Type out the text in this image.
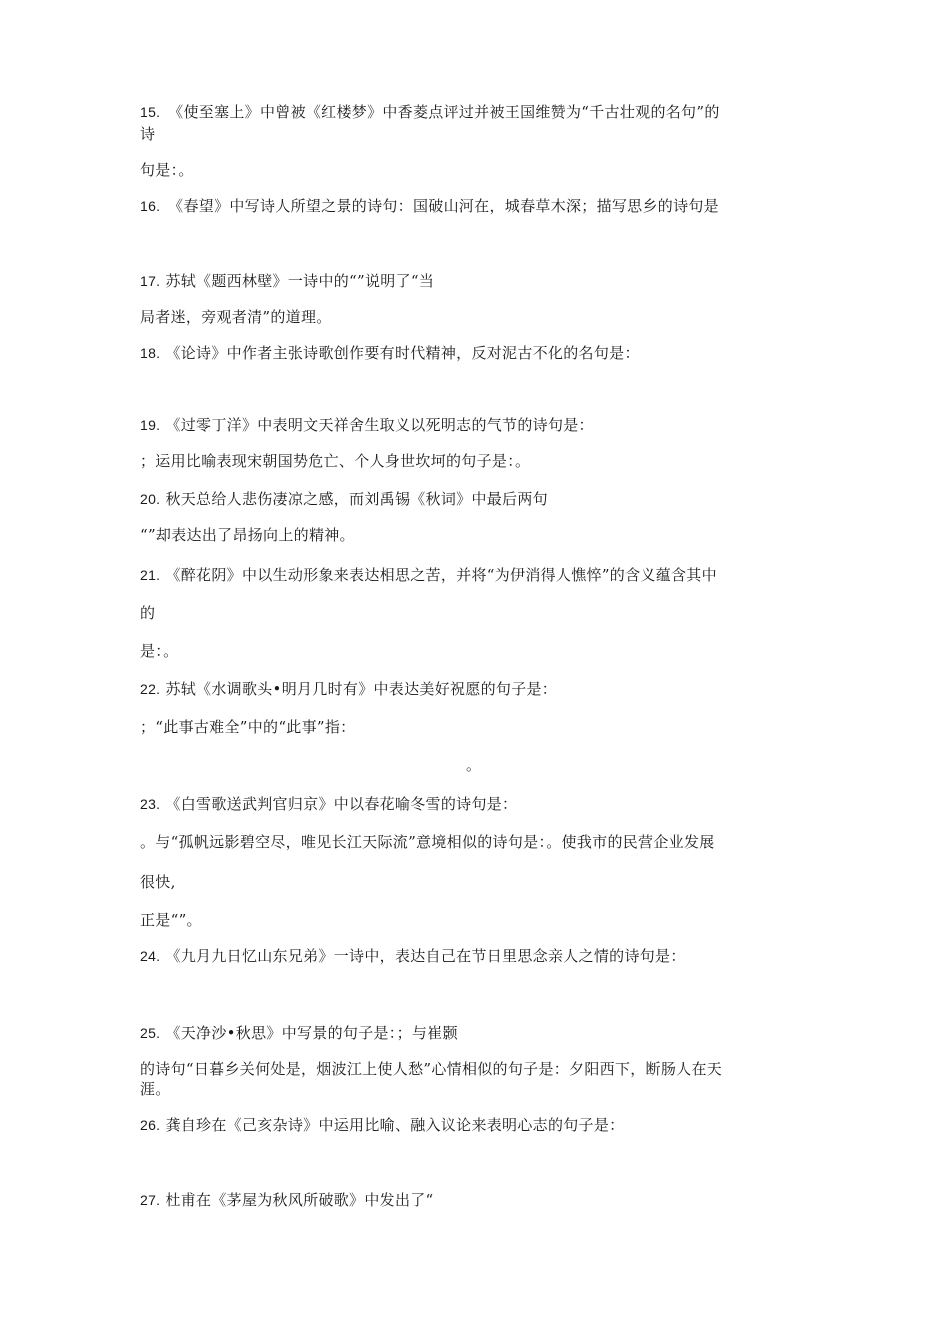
15.　《使至塞上》中曾被《红楼梦》中香菱点评过并被王国维赞为“千古壮观的名句”的
诗
句是：。
16.　《春望》中写诗人所望之景的诗句：国破山河在，城春草木深；描写思乡的诗句是
17. 苏轼《题西林壁》一诗中的“”说明了“当
局者迷，旁观者清”的道理。
18. 《论诗》中作者主张诗歌创作要有时代精神，反对泥古不化的名句是：
19. 《过零丁洋》中表明文天祥舍生取义以死明志的气节的诗句是：
；运用比喻表现宋朝国势危亡、个人身世坎坷的句子是：。
20. 秋天总给人悲伤凄凉之感，而刘禹锡《秋词》中最后两句
“”却表达出了昂扬向上的精神。
21. 《醉花阴》中以生动形象来表达相思之苦，并将“为伊消得人憔悴”的含义蕴含其中
的
是：。
22. 苏轼《水调歌头•明月几时有》中表达美好祝愿的句子是：
；“此事古难全”中的“此事”指：
。
23. 《白雪歌送武判官归京》中以春花喻冬雪的诗句是：
。与“孤帆远影碧空尽，唯见长江天际流”意境相似的诗句是：。使我市的民营企业发展
很快,
正是“”。
24. 《九月九日忆山东兄弟》一诗中，表达自己在节日里思念亲人之情的诗句是：
25. 《天净沙•秋思》中写景的句子是：；与崔颢
的诗句“日暮乡关何处是，烟波江上使人愁”心情相似的句子是：夕阳西下，断肠人在天
涯。
26. 龚自珍在《己亥杂诗》中运用比喻、融入议论来表明心志的句子是：
27. 杜甫在《茅屋为秋风所破歌》中发出了“
